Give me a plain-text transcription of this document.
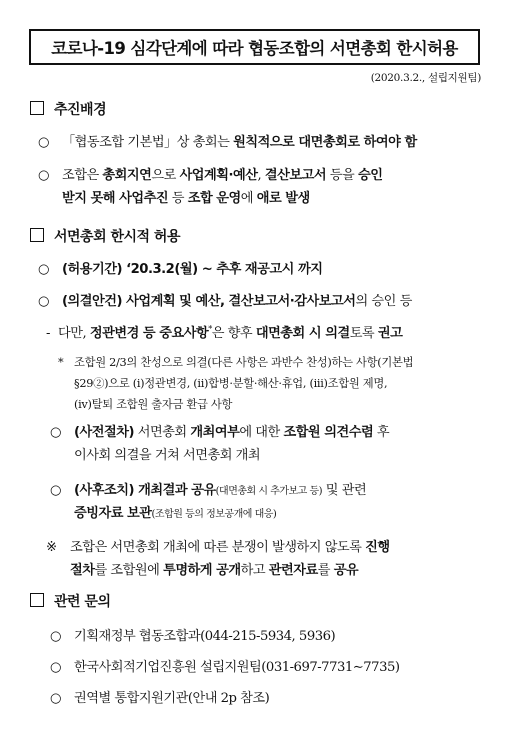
코로나-19 심각단계에 따라 협동조합의 서면총회 한시허용
(2020.3.2., 설립지원팀)
추진배경
○ 「협동조합 기본법」상 총회는 원칙적으로 대면총회로 하여야 함
○ 조합은 총회지연으로 사업계획·예산, 결산보고서 등을 승인
받지 못해 사업추진 등 조합 운영에 애로 발생
서면총회 한시적 허용
○ (허용기간) ‘20.3.2(월) ~ 추후 재공고시 까지
○ (의결안건) 사업계획 및 예산, 결산보고서·감사보고서의 승인 등
- 다만, 정관변경 등 중요사항*은 향후 대면총회 시 의결토록 권고
* 조합원 2/3의 찬성으로 의결(다른 사항은 과반수 찬성)하는 사항(기본법
§29②)으로 (i)정관변경, (ii)합병·분할·해산·휴업, (iii)조합원 제명,
(iv)탈퇴 조합원 출자금 환급 사항
○ (사전절차) 서면총회 개최여부에 대한 조합원 의견수렴 후
이사회 의결을 거쳐 서면총회 개최
○ (사후조치) 개최결과 공유(대면총회 시 추가보고 등) 및 관련
증빙자료 보관(조합원 등의 정보공개에 대응)
※ 조합은 서면총회 개최에 따른 분쟁이 발생하지 않도록 진행
절차를 조합원에 투명하게 공개하고 관련자료를 공유
관련 문의
○ 기획재정부 협동조합과(044-215-5934, 5936)
○ 한국사회적기업진흥원 설립지원팀(031-697-7731∼7735)
○ 권역별 통합지원기관(안내 2p 참조)
